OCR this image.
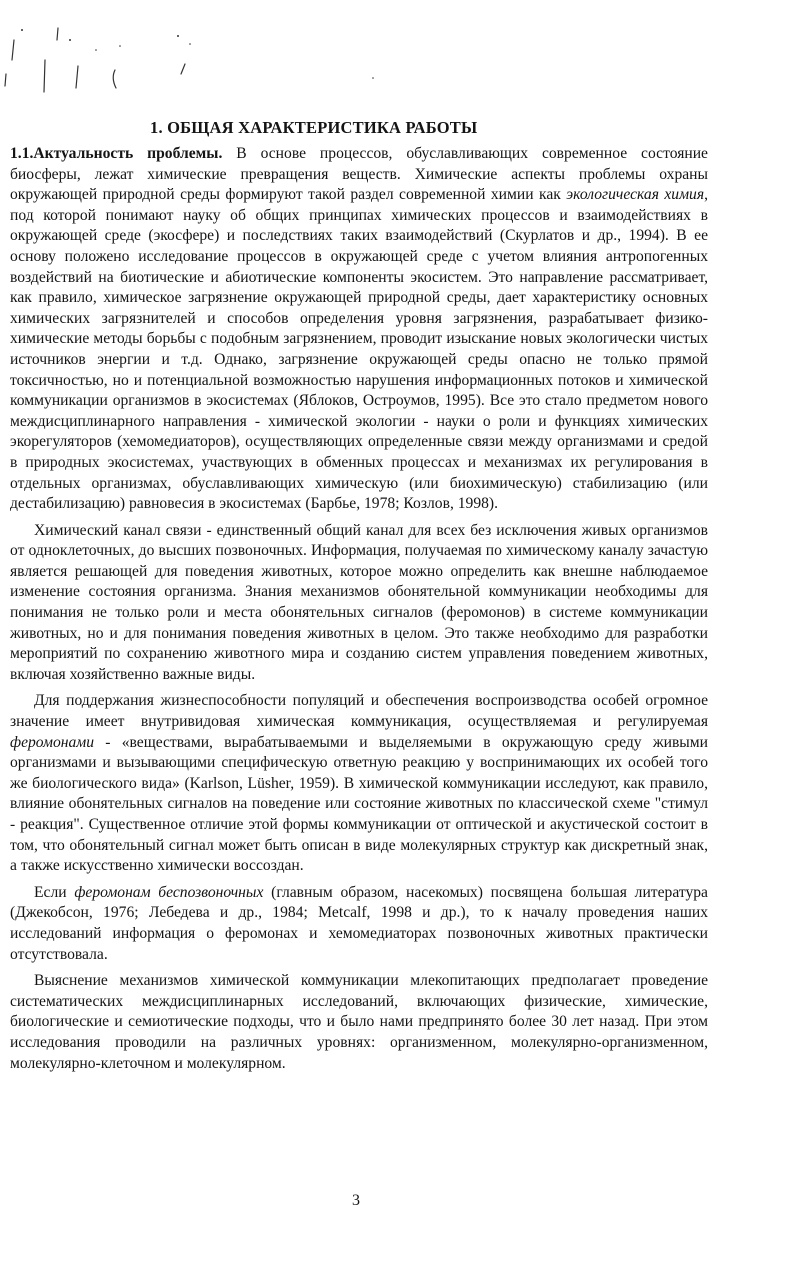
1. ОБЩАЯ ХАРАКТЕРИСТИКА РАБОТЫ

1.1.Актуальность проблемы. В основе процессов, обуславливающих современное состояние биосферы, лежат химические превращения веществ. Химические аспекты проблемы охраны окружающей природной среды формируют такой раздел современной химии как экологическая химия, под которой понимают науку об общих принципах химических процессов и взаимодействиях в окружающей среде (экосфере) и последствиях таких взаимодействий (Скурлатов и др., 1994). В ее основу положено исследование процессов в окружающей среде с учетом влияния антропогенных воздействий на биотические и абиотические компоненты экосистем. Это направление рассматривает, как правило, химическое загрязнение окружающей природной среды, дает характеристику основных химических загрязнителей и способов определения уровня загрязнения, разрабатывает физико-химические методы борьбы с подобным загрязнением, проводит изыскание новых экологически чистых источников энергии и т.д. Однако, загрязнение окружающей среды опасно не только прямой токсичностью, но и потенциальной возможностью нарушения информационных потоков и химической коммуникации организмов в экосистемах (Яблоков, Остроумов, 1995). Все это стало предметом нового междисциплинарного направления - химической экологии - науки о роли и функциях химических экорегуляторов (хемомедиаторов), осуществляющих определенные связи между организмами и средой в природных экосистемах, участвующих в обменных процессах и механизмах их регулирования в отдельных организмах, обуславливающих химическую (или биохимическую) стабилизацию (или дестабилизацию) равновесия в экосистемах (Барбье, 1978; Козлов, 1998).

Химический канал связи - единственный общий канал для всех без исключения живых организмов от одноклеточных, до высших позвоночных. Информация, получаемая по химическому каналу зачастую является решающей для поведения животных, которое можно определить как внешне наблюдаемое изменение состояния организма. Знания механизмов обонятельной коммуникации необходимы для понимания не только роли и места обонятельных сигналов (феромонов) в системе коммуникации животных, но и для понимания поведения животных в целом. Это также необходимо для разработки мероприятий по сохранению животного мира и созданию систем управления поведением животных, включая хозяйственно важные виды.

Для поддержания жизнеспособности популяций и обеспечения воспроизводства особей огромное значение имеет внутривидовая химическая коммуникация, осуществляемая и регулируемая феромонами - «веществами, вырабатываемыми и выделяемыми в окружающую среду живыми организмами и вызывающими специфическую ответную реакцию у воспринимающих их особей того же биологического вида» (Karlson, Lüsher, 1959). В химической коммуникации исследуют, как правило, влияние обонятельных сигналов на поведение или состояние животных по классической схеме "стимул - реакция". Существенное отличие этой формы коммуникации от оптической и акустической состоит в том, что обонятельный сигнал может быть описан в виде молекулярных структур как дискретный знак, а также искусственно химически воссоздан.

Если феромонам беспозвоночных (главным образом, насекомых) посвящена большая литература (Джекобсон, 1976; Лебедева и др., 1984; Metcalf, 1998 и др.), то к началу проведения наших исследований информация о феромонах и хемомедиаторах позвоночных животных практически отсутствовала.

Выяснение механизмов химической коммуникации млекопитающих предполагает проведение систематических междисциплинарных исследований, включающих физические, химические, биологические и семиотические подходы, что и было нами предпринято более 30 лет назад. При этом исследования проводили на различных уровнях: организменном, молекулярно-организменном, молекулярно-клеточном и молекулярном.

3
